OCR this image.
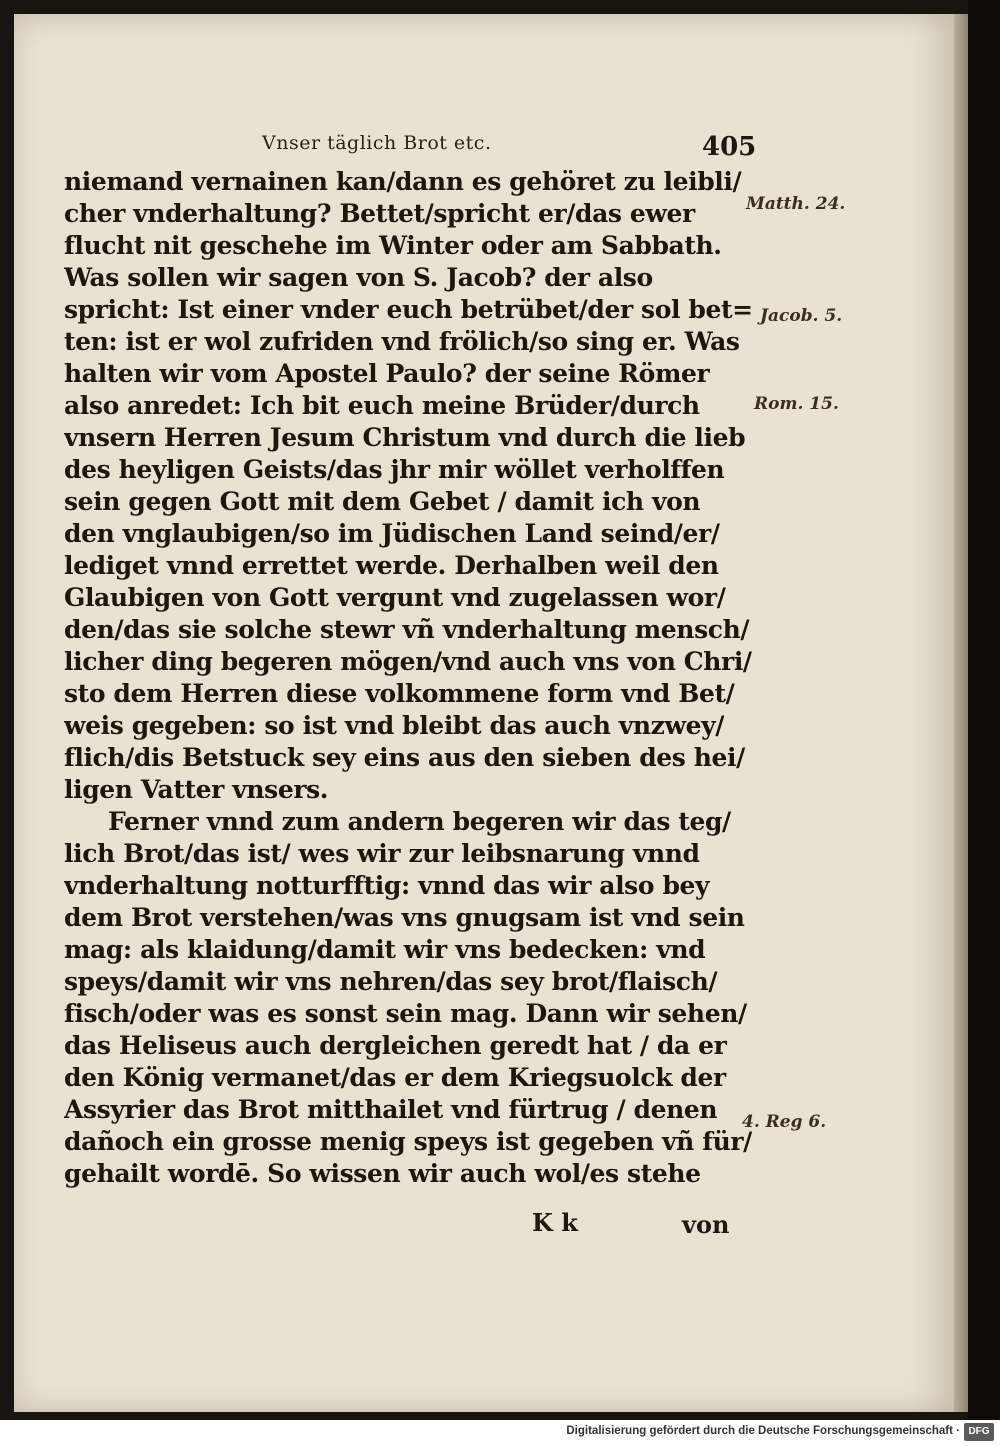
Vnser täglich Brot etc.	405
niemand vernainen kan/dann es gehöret zu leibli/
cher vnderhaltung? Bettet/spricht er/das ewer
flucht nit geschehe im Winter oder am Sabbath.
Was sollen wir sagen von S. Jacob? der also
spricht: Ist einer vnder euch betrübet/der sol bet=
ten: ist er wol zufriden vnd frölich/so sing er. Was
halten wir vom Apostel Paulo? der seine Römer
also anredet: Ich bit euch meine Brüder/durch
vnsern Herren Jesum Christum vnd durch die lieb
des heyligen Geists/das jhr mir wöllet verholffen
sein gegen Gott mit dem Gebet / damit ich von
den vnglaubigen/so im Jüdischen Land seind/er/
lediget vnnd errettet werde. Derhalben weil den
Glaubigen von Gott vergunt vnd zugelassen wor/
den/das sie solche stewr vñ vnderhaltung mensch/
licher ding begeren mögen/vnd auch vns von Chri/
sto dem Herren diese volkommene form vnd Bet/
weis gegeben: so ist vnd bleibt das auch vnzwey/
flich/dis Betstuck sey eins aus den sieben des hei/
ligen Vatter vnsers.
Ferner vnnd zum andern begeren wir das teg/
lich Brot/das ist/ wes wir zur leibsnarung vnnd
vnderhaltung notturfftig: vnnd das wir also bey
dem Brot verstehen/was vns gnugsam ist vnd sein
mag: als klaidung/damit wir vns bedecken: vnd
speys/damit wir vns nehren/das sey brot/flaisch/
fisch/oder was es sonst sein mag. Dann wir sehen/
das Heliseus auch dergleichen geredt hat / da er
den König vermanet/das er dem Kriegsuolck der
Assyrier das Brot mitthailet vnd fürtrug / denen
dañoch ein grosse menig speys ist gegeben vñ für/
gehailt wordē. So wissen wir auch wol/es stehe
Matth. 24.
Jacob. 5.
Rom. 15.
4. Reg 6.
K k	von
Digitalisierung gefördert durch die Deutsche Forschungsgemeinschaft · DFG
